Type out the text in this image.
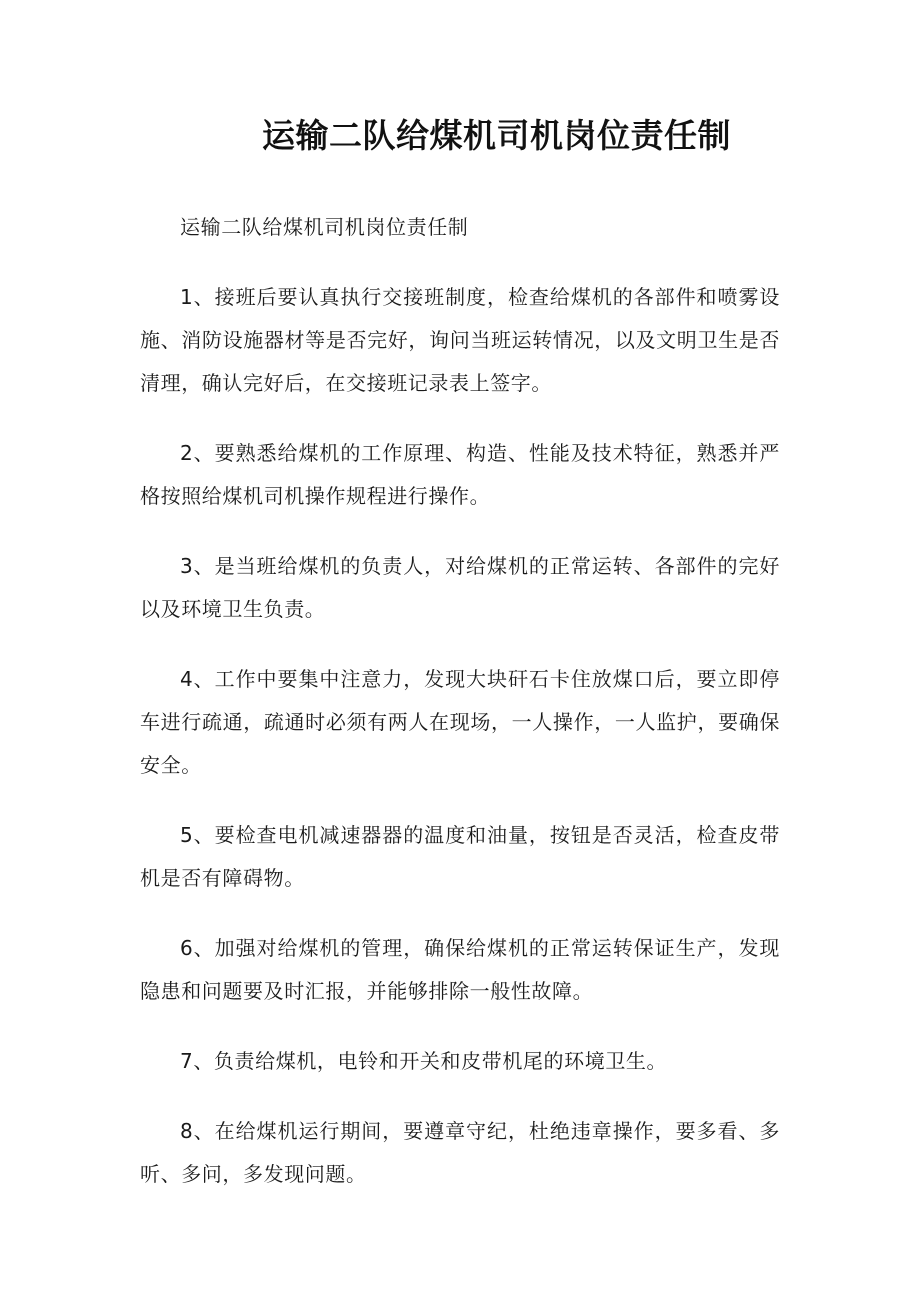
运输二队给煤机司机岗位责任制

运输二队给煤机司机岗位责任制

1、接班后要认真执行交接班制度，检查给煤机的各部件和喷雾设施、消防设施器材等是否完好，询问当班运转情况，以及文明卫生是否清理，确认完好后，在交接班记录表上签字。

2、要熟悉给煤机的工作原理、构造、性能及技术特征，熟悉并严格按照给煤机司机操作规程进行操作。

3、是当班给煤机的负责人，对给煤机的正常运转、各部件的完好以及环境卫生负责。

4、工作中要集中注意力，发现大块矸石卡住放煤口后，要立即停车进行疏通，疏通时必须有两人在现场，一人操作，一人监护，要确保安全。

5、要检查电机减速器器的温度和油量，按钮是否灵活，检查皮带机是否有障碍物。

6、加强对给煤机的管理，确保给煤机的正常运转保证生产，发现隐患和问题要及时汇报，并能够排除一般性故障。

7、负责给煤机，电铃和开关和皮带机尾的环境卫生。

8、在给煤机运行期间，要遵章守纪，杜绝违章操作，要多看、多听、多问，多发现问题。
